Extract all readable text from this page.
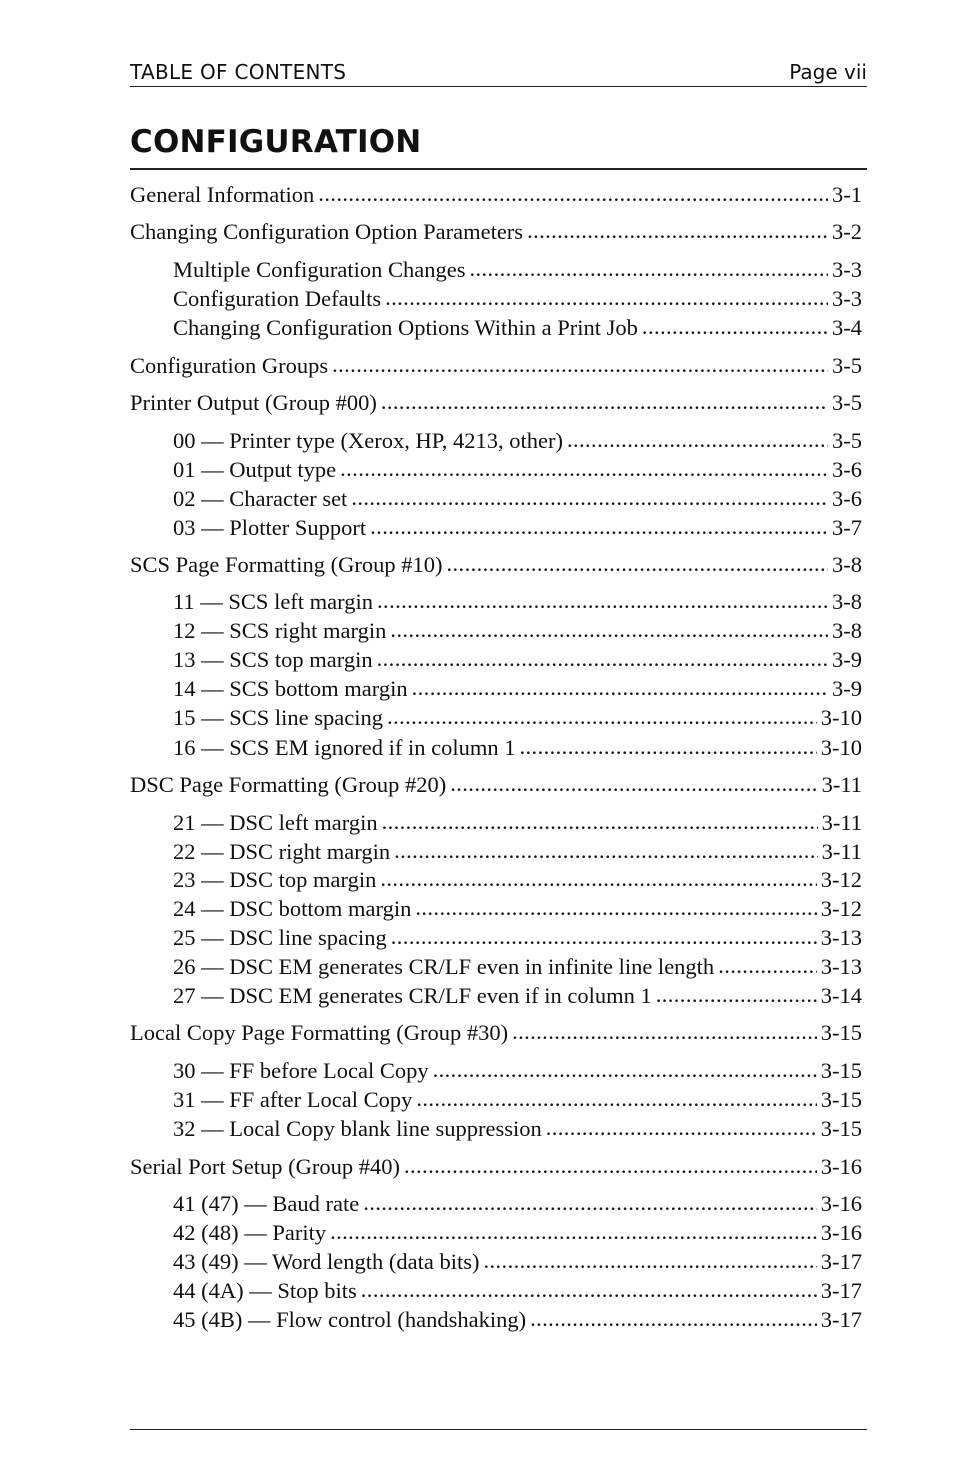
TABLE OF CONTENTS	Page vii
CONFIGURATION
General Information .....	3-1
Changing Configuration Option Parameters .....	3-2
Multiple Configuration Changes .....	3-3
Configuration Defaults .....	3-3
Changing Configuration Options Within a Print Job .....	3-4
Configuration Groups .....	3-5
Printer Output (Group #00) .....	3-5
00 — Printer type (Xerox, HP, 4213, other) .....	3-5
01 — Output type .....	3-6
02 — Character set .....	3-6
03 — Plotter Support .....	3-7
SCS Page Formatting (Group #10) .....	3-8
11 — SCS left margin .....	3-8
12 — SCS right margin .....	3-8
13 — SCS top margin .....	3-9
14 — SCS bottom margin .....	3-9
15 — SCS line spacing .....	3-10
16 — SCS EM ignored if in column 1 .....	3-10
DSC Page Formatting (Group #20) .....	3-11
21 — DSC left margin .....	3-11
22 — DSC right margin .....	3-11
23 — DSC top margin .....	3-12
24 — DSC bottom margin .....	3-12
25 — DSC line spacing .....	3-13
26 — DSC EM generates CR/LF even in infinite line length .....	3-13
27 — DSC EM generates CR/LF even if in column 1 .....	3-14
Local Copy Page Formatting (Group #30) .....	3-15
30 — FF before Local Copy .....	3-15
31 — FF after Local Copy .....	3-15
32 — Local Copy blank line suppression .....	3-15
Serial Port Setup (Group #40) .....	3-16
41 (47) — Baud rate .....	3-16
42 (48) — Parity .....	3-16
43 (49) — Word length (data bits) .....	3-17
44 (4A) — Stop bits .....	3-17
45 (4B) — Flow control (handshaking) .....	3-17
